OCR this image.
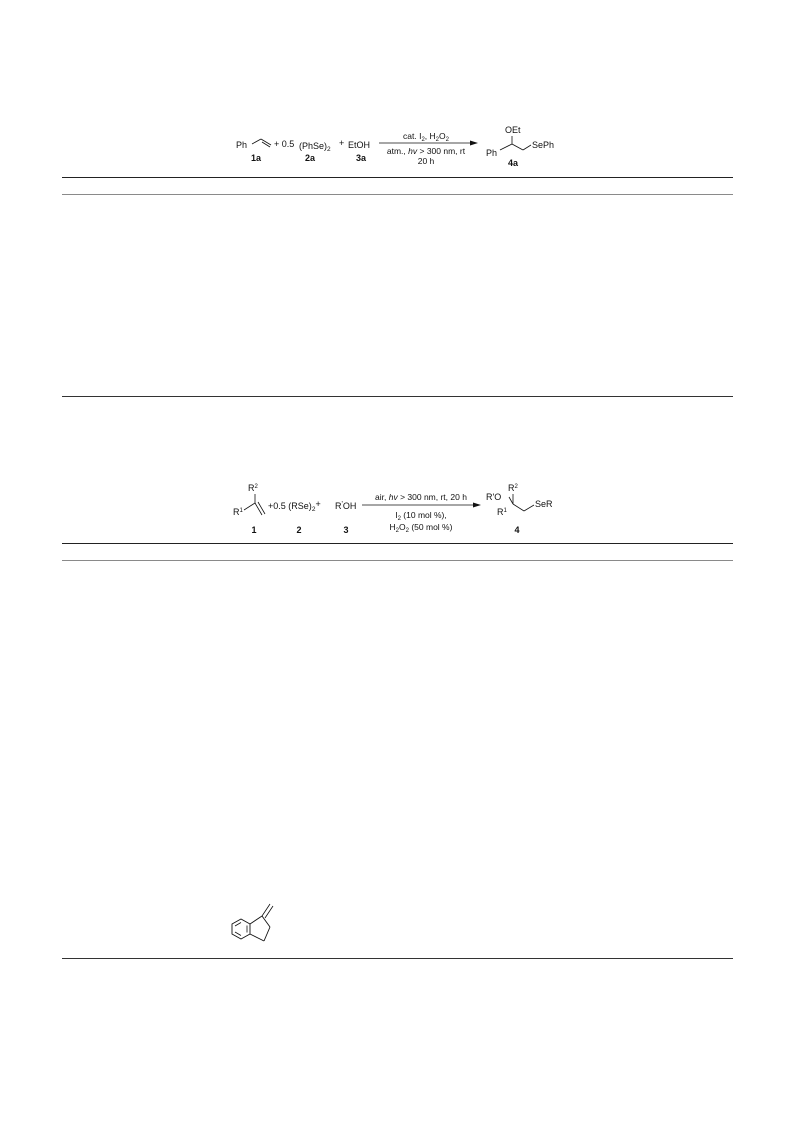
Ph
1a
+ 0.5 $(PhSe)_2$
2a
+ EtOH
3a
cat. $I_2$, $H_2O_2$
atm., hv > 300 nm, rt
20 h
OEt
Ph
SePh
4a
$R^2$
$R^1$
1
+0.5 $(RSe)_2+$
2
R'OH
3
air, hv > 300 nm, rt, 20 h
$I_2$ (10 mol %),
$H_2O_2$ (50 mol %)
$R^2$
R'O
$R^1$
SeR
4
